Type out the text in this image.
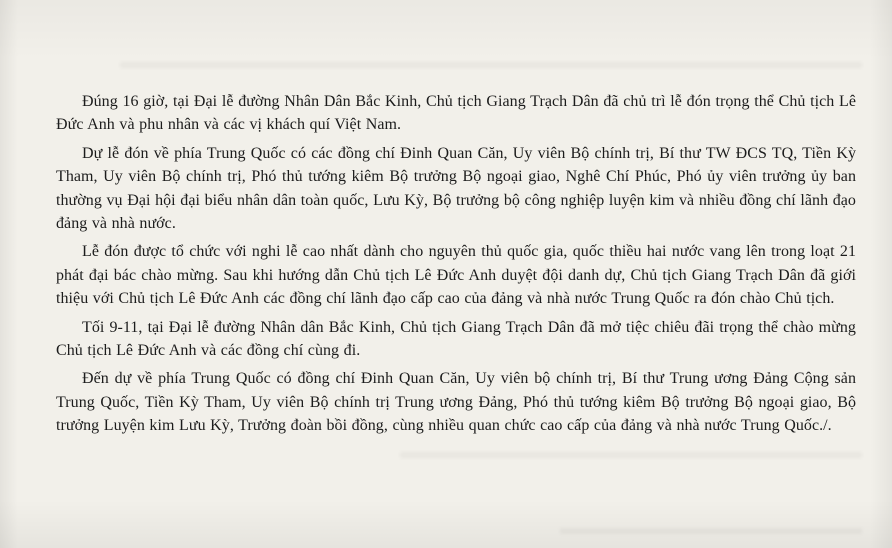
Đúng 16 giờ, tại Đại lễ đường Nhân Dân Bắc Kinh, Chủ tịch Giang Trạch Dân đã chủ trì lễ đón trọng thể Chủ tịch Lê Đức Anh và phu nhân và các vị khách quí Việt Nam.

Dự lễ đón về phía Trung Quốc có các đồng chí Đinh Quan Căn, Uy viên Bộ chính trị, Bí thư TW ĐCS TQ, Tiền Kỳ Tham, Uy viên Bộ chính trị, Phó thủ tướng kiêm Bộ trưởng Bộ ngoại giao, Nghê Chí Phúc, Phó ủy viên trưởng ủy ban thường vụ Đại hội đại biểu nhân dân toàn quốc, Lưu Kỳ, Bộ trưởng bộ công nghiệp luyện kim và nhiều đồng chí lãnh đạo đảng và nhà nước.

Lễ đón được tổ chức với nghi lễ cao nhất dành cho nguyên thủ quốc gia, quốc thiều hai nước vang lên trong loạt 21 phát đại bác chào mừng. Sau khi hướng dẫn Chủ tịch Lê Đức Anh duyệt đội danh dự, Chủ tịch Giang Trạch Dân đã giới thiệu với Chủ tịch Lê Đức Anh các đồng chí lãnh đạo cấp cao của đảng và nhà nước Trung Quốc ra đón chào Chủ tịch.

Tối 9-11, tại Đại lễ đường Nhân dân Bắc Kinh, Chủ tịch Giang Trạch Dân đã mở tiệc chiêu đãi trọng thể chào mừng Chủ tịch Lê Đức Anh và các đồng chí cùng đi.

Đến dự về phía Trung Quốc có đồng chí Đinh Quan Căn, Uy viên bộ chính trị, Bí thư Trung ương Đảng Cộng sản Trung Quốc, Tiền Kỳ Tham, Uy viên Bộ chính trị Trung ương Đảng, Phó thủ tướng kiêm Bộ trưởng Bộ ngoại giao, Bộ trưởng Luyện kim Lưu Kỳ, Trưởng đoàn bồi đồng, cùng nhiều quan chức cao cấp của đảng và nhà nước Trung Quốc./.
